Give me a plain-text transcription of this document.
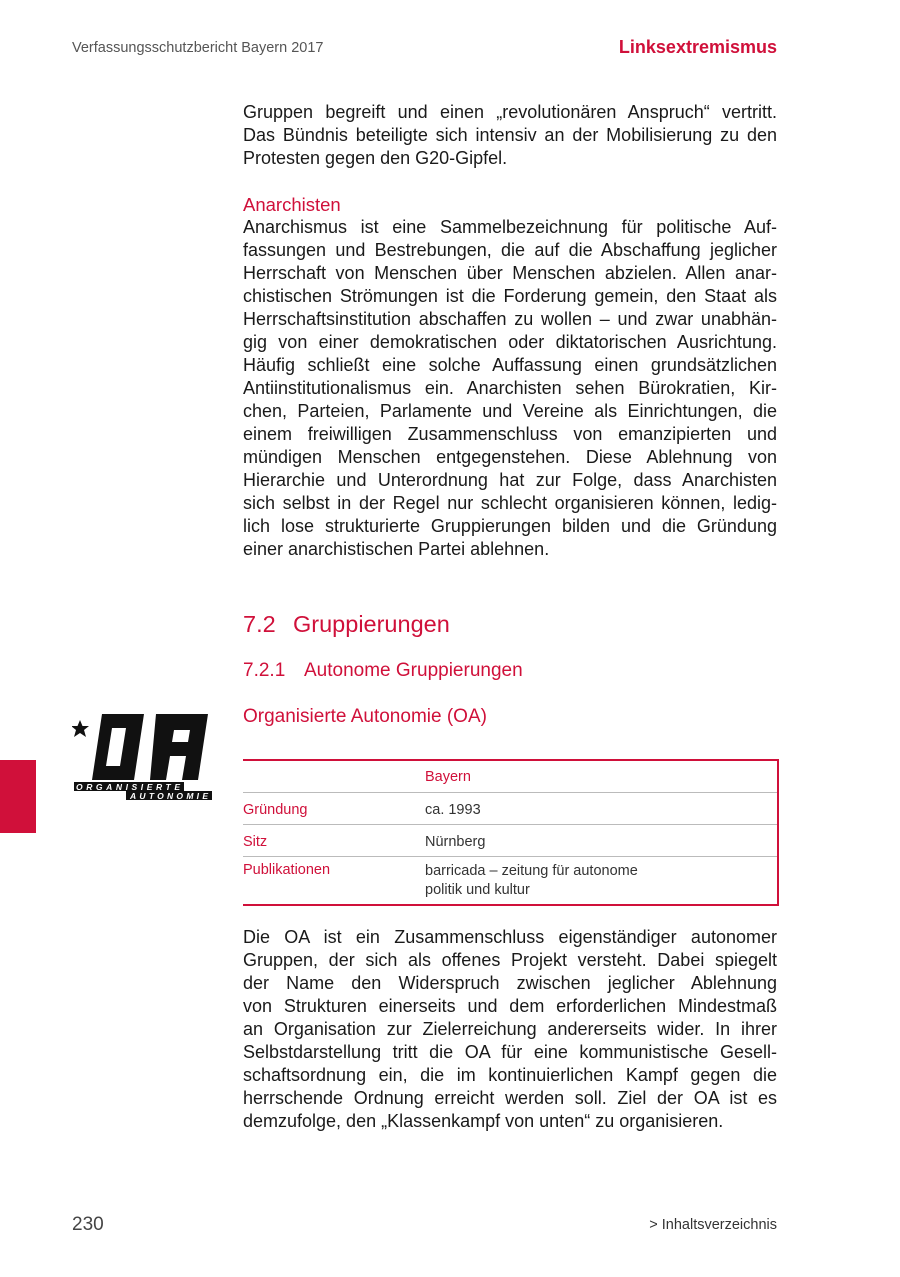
Verfassungsschutzbericht Bayern 2017	Linksextremismus
Gruppen begreift und einen „revolutionären Anspruch“ vertritt.
Das Bündnis beteiligte sich intensiv an der Mobilisierung zu den
Protesten gegen den G20-Gipfel.
Anarchisten
Anarchismus ist eine Sammelbezeichnung für politische Auf-
fassungen und Bestrebungen, die auf die Abschaffung jeglicher
Herrschaft von Menschen über Menschen abzielen. Allen anar-
chistischen Strömungen ist die Forderung gemein, den Staat als
Herrschaftsinstitution abschaffen zu wollen – und zwar unabhän-
gig von einer demokratischen oder diktatorischen Ausrichtung.
Häufig schließt eine solche Auffassung einen grundsätzlichen
Antiinstitutionalismus ein. Anarchisten sehen Bürokratien, Kir-
chen, Parteien, Parlamente und Vereine als Einrichtungen, die
einem freiwilligen Zusammenschluss von emanzipierten und
mündigen Menschen entgegenstehen. Diese Ablehnung von
Hierarchie und Unterordnung hat zur Folge, dass Anarchisten
sich selbst in der Regel nur schlecht organisieren können, ledig-
lich lose strukturierte Gruppierungen bilden und die Gründung
einer anarchistischen Partei ablehnen.
7.2 Gruppierungen
7.2.1 Autonome Gruppierungen
Organisierte Autonomie (OA)
ORGANISIERTE
AUTONOMIE
	Bayern
Gründung	ca. 1993
Sitz	Nürnberg
Publikationen	barricada – zeitung für autonome
politik und kultur
Die OA ist ein Zusammenschluss eigenständiger autonomer
Gruppen, der sich als offenes Projekt versteht. Dabei spiegelt
der Name den Widerspruch zwischen jeglicher Ablehnung
von Strukturen einerseits und dem erforderlichen Mindestmaß
an Organisation zur Zielerreichung andererseits wider. In ihrer
Selbstdarstellung tritt die OA für eine kommunistische Gesell-
schaftsordnung ein, die im kontinuierlichen Kampf gegen die
herrschende Ordnung erreicht werden soll. Ziel der OA ist es
demzufolge, den „Klassenkampf von unten“ zu organisieren.
230	> Inhaltsverzeichnis
